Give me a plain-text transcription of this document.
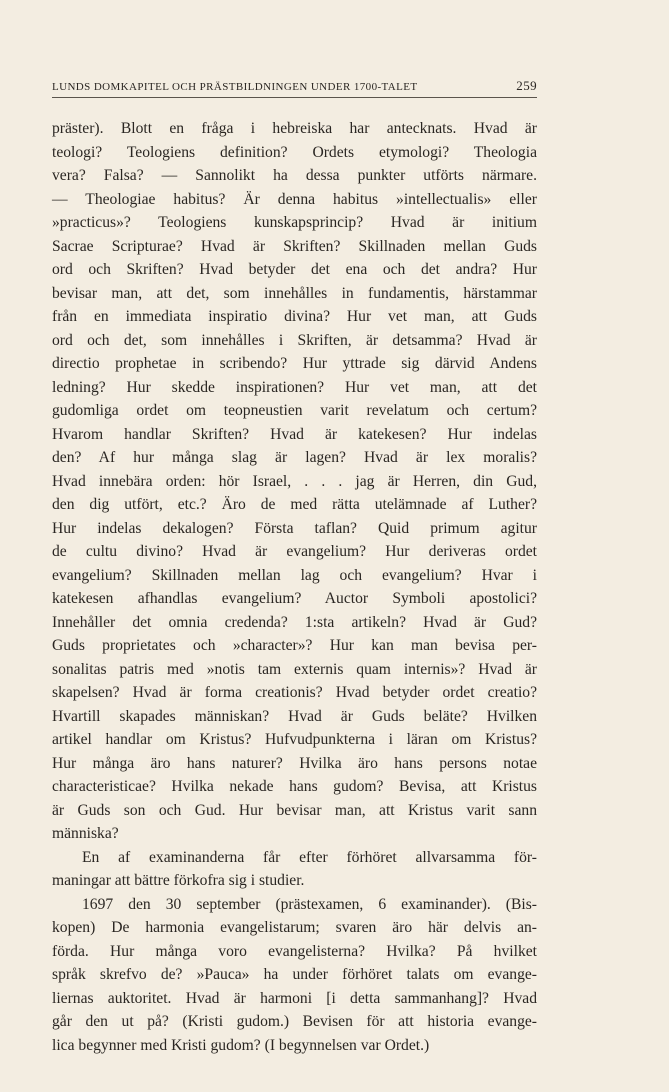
LUNDS DOMKAPITEL OCH PRÄSTBILDNINGEN UNDER 1700-TALET	259
präster). Blott en fråga i hebreiska har antecknats. Hvad är
teologi? Teologiens definition? Ordets etymologi? Theologia
vera? Falsa? — Sannolikt ha dessa punkter utförts närmare.
— Theologiae habitus? Är denna habitus »intellectualis» eller
»practicus»? Teologiens kunskapsprincip? Hvad är initium
Sacrae Scripturae? Hvad är Skriften? Skillnaden mellan Guds
ord och Skriften? Hvad betyder det ena och det andra? Hur
bevisar man, att det, som innehålles in fundamentis, härstammar
från en immediata inspiratio divina? Hur vet man, att Guds
ord och det, som innehålles i Skriften, är detsamma? Hvad är
directio prophetae in scribendo? Hur yttrade sig därvid Andens
ledning? Hur skedde inspirationen? Hur vet man, att det
gudomliga ordet om teopneustien varit revelatum och certum?
Hvarom handlar Skriften? Hvad är katekesen? Hur indelas
den? Af hur många slag är lagen? Hvad är lex moralis?
Hvad innebära orden: hör Israel, . . . jag är Herren, din Gud,
den dig utfört, etc.? Äro de med rätta utelämnade af Luther?
Hur indelas dekalogen? Första taflan? Quid primum agitur
de cultu divino? Hvad är evangelium? Hur deriveras ordet
evangelium? Skillnaden mellan lag och evangelium? Hvar i
katekesen afhandlas evangelium? Auctor Symboli apostolici?
Innehåller det omnia credenda? 1:sta artikeln? Hvad är Gud?
Guds proprietates och »character»? Hur kan man bevisa per-
sonalitas patris med »notis tam externis quam internis»? Hvad är
skapelsen? Hvad är forma creationis? Hvad betyder ordet creatio?
Hvartill skapades människan? Hvad är Guds beläte? Hvilken
artikel handlar om Kristus? Hufvudpunkterna i läran om Kristus?
Hur många äro hans naturer? Hvilka äro hans persons notae
characteristicae? Hvilka nekade hans gudom? Bevisa, att Kristus
är Guds son och Gud. Hur bevisar man, att Kristus varit sann
människa?
En af examinanderna får efter förhöret allvarsamma för-
maningar att bättre förkofra sig i studier.
1697 den 30 september (prästexamen, 6 examinander). (Bis-
kopen) De harmonia evangelistarum; svaren äro här delvis an-
förda. Hur många voro evangelisterna? Hvilka? På hvilket
språk skrefvo de? »Pauca» ha under förhöret talats om evange-
liernas auktoritet. Hvad är harmoni [i detta sammanhang]? Hvad
går den ut på? (Kristi gudom.) Bevisen för att historia evange-
lica begynner med Kristi gudom? (I begynnelsen var Ordet.)
